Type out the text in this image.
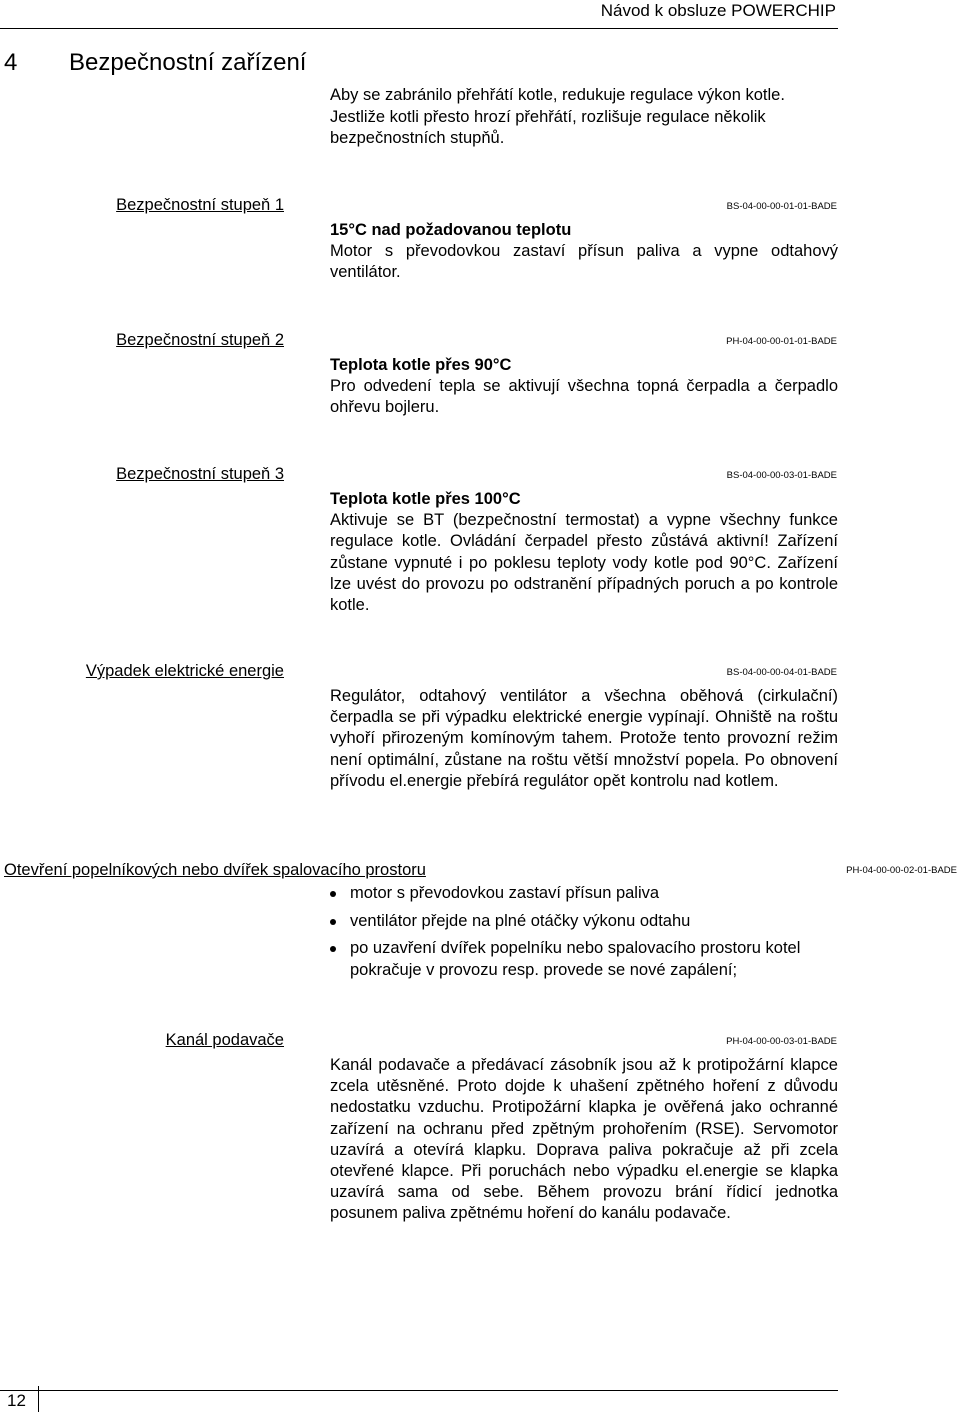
Návod k obsluze POWERCHIP
4 Bezpečnostní zařízení
Aby se zabránilo přehřátí kotle, redukuje regulace výkon kotle. Jestliže kotli přesto hrozí přehřátí, rozlišuje regulace několik bezpečnostních stupňů.
Bezpečnostní stupeň 1	BS-04-00-00-01-01-BADE

15°C nad požadovanou teplotu

Motor s převodovkou zastaví přísun paliva a vypne odtahový ventilátor.

Bezpečnostní stupeň 2	PH-04-00-00-01-01-BADE

Teplota kotle přes 90°C

Pro odvedení tepla se aktivují všechna topná čerpadla a čerpadlo ohřevu bojleru.

Bezpečnostní stupeň 3	BS-04-00-00-03-01-BADE

Teplota kotle přes 100°C

Aktivuje se BT (bezpečnostní termostat) a vypne všechny funkce regulace kotle. Ovládání čerpadel přesto zůstává aktivní! Zařízení zůstane vypnuté i po poklesu teploty vody kotle pod 90°C. Zařízení lze uvést do provozu po odstranění případných poruch a po kontrole kotle.

Výpadek elektrické energie	BS-04-00-00-04-01-BADE

Regulátor, odtahový ventilátor a všechna oběhová (cirkulační) čerpadla se při výpadku elektrické energie vypínají. Ohniště na roštu vyhoří přirozeným komínovým tahem. Protože tento provozní režim není optimální, zůstane na roštu větší množství popela. Po obnovení přívodu el.energie přebírá regulátor opět kontrolu nad kotlem.

Otevření popelníkových nebo dvířek spalovacího prostoru	PH-04-00-00-02-01-BADE
motor s převodovkou zastaví přísun paliva
ventilátor přejde na plné otáčky výkonu odtahu
po uzavření dvířek popelníku nebo spalovacího prostoru kotel pokračuje v provozu resp. provede se nové zapálení;
Kanál podavače	PH-04-00-00-03-01-BADE

Kanál podavače a předávací zásobník jsou až k protipožární klapce zcela utěsněné. Proto dojde k uhašení zpětného hoření z důvodu nedostatku vzduchu. Protipožární klapka je ověřená jako ochranné zařízení na ochranu před zpětným prohořením (RSE). Servomotor uzavírá a otevírá klapku. Doprava paliva pokračuje až při zcela otevřené klapce. Při poruchách nebo výpadku el.energie se klapka uzavírá sama od sebe. Během provozu brání řídicí jednotka posunem paliva zpětnému hoření do kanálu podavače.

12
